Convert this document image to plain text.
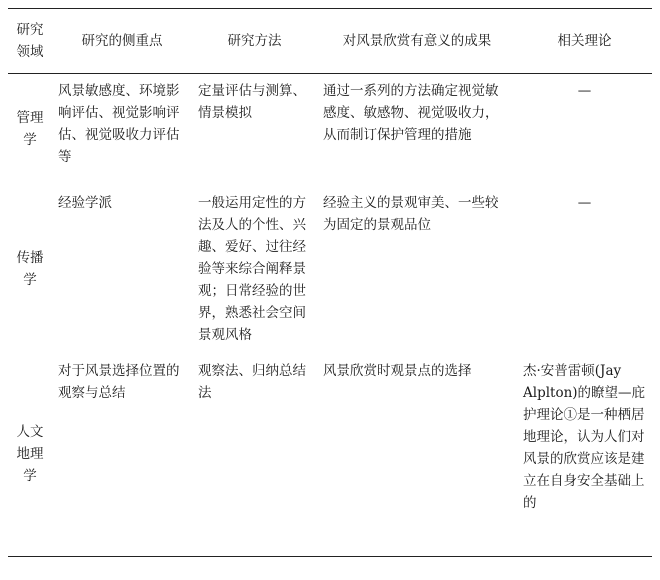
研究
领域	研究的侧重点	研究方法	对风景欣赏有意义的成果	相关理论

管理
学	风景敏感度、环境影响评估、视觉影响评估、视觉吸收力评估等	定量评估与测算、情景模拟	通过一系列的方法确定视觉敏感度、敏感物、视觉吸收力，从而制订保护管理的措施	—

传播
学	经验学派	一般运用定性的方法及人的个性、兴趣、爱好、过往经验等来综合阐释景观；日常经验的世界，熟悉社会空间景观风格	经验主义的景观审美、一些较为固定的景观品位	—

人文
地理
学	对于风景选择位置的观察与总结	观察法、归纳总结法	风景欣赏时观景点的选择	杰·安普雷顿(Jay Alplton)的瞭望—庇护理论①是一种栖居地理论，认为人们对风景的欣赏应该是建立在自身安全基础上的
